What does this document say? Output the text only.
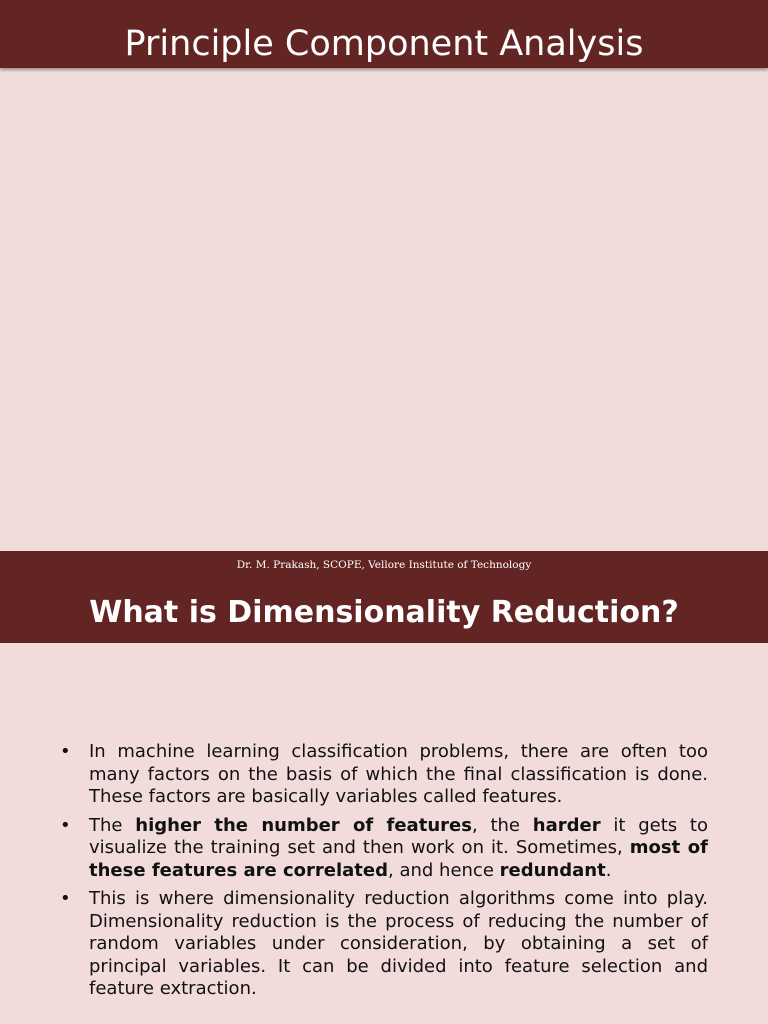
Principle Component Analysis
Dr. M. Prakash, SCOPE, Vellore Institute of Technology
What is Dimensionality Reduction?
• In machine learning classification problems, there are often too many factors on the basis of which the final classification is done. These factors are basically variables called features.
• The higher the number of features, the harder it gets to visualize the training set and then work on it. Sometimes, most of these features are correlated, and hence redundant.
• This is where dimensionality reduction algorithms come into play. Dimensionality reduction is the process of reducing the number of random variables under consideration, by obtaining a set of principal variables. It can be divided into feature selection and feature extraction.
